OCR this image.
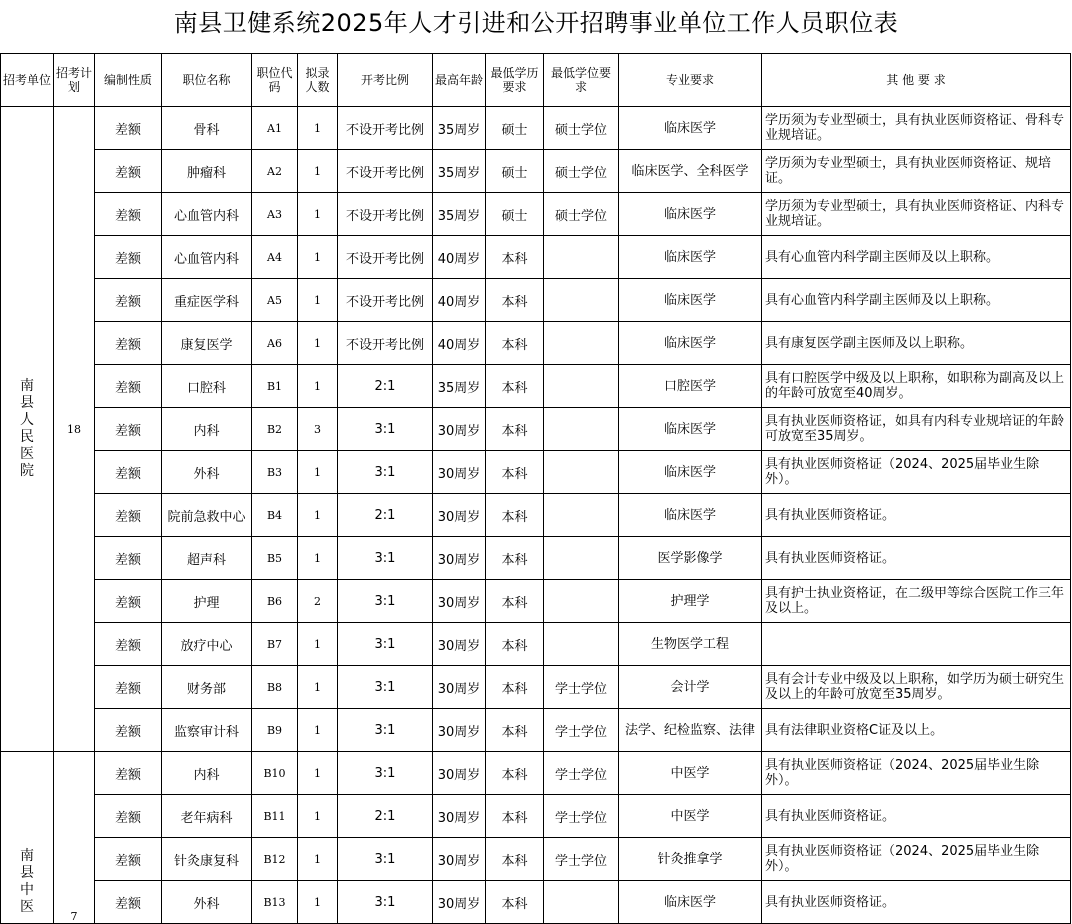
南县卫健系统2025年人才引进和公开招聘事业单位工作人员职位表
招考单位	招考计划	编制性质	职位名称	职位代码	拟录人数	开考比例	最高年龄	最低学历要求	最低学位要求	专业要求	其 他 要 求
南县人民医院	18	差额	骨科	A1	1	不设开考比例	35周岁	硕士	硕士学位	临床医学	学历须为专业型硕士，具有执业医师资格证、骨科专业规培证。
		差额	肿瘤科	A2	1	不设开考比例	35周岁	硕士	硕士学位	临床医学、全科医学	学历须为专业型硕士，具有执业医师资格证、规培证。
		差额	心血管内科	A3	1	不设开考比例	35周岁	硕士	硕士学位	临床医学	学历须为专业型硕士，具有执业医师资格证、内科专业规培证。
		差额	心血管内科	A4	1	不设开考比例	40周岁	本科		临床医学	具有心血管内科学副主医师及以上职称。
		差额	重症医学科	A5	1	不设开考比例	40周岁	本科		临床医学	具有心血管内科学副主医师及以上职称。
		差额	康复医学	A6	1	不设开考比例	40周岁	本科		临床医学	具有康复医学副主医师及以上职称。
		差额	口腔科	B1	1	2:1	35周岁	本科		口腔医学	具有口腔医学中级及以上职称，如职称为副高及以上的年龄可放宽至40周岁。
		差额	内科	B2	3	3:1	30周岁	本科		临床医学	具有执业医师资格证，如具有内科专业规培证的年龄可放宽至35周岁。
		差额	外科	B3	1	3:1	30周岁	本科		临床医学	具有执业医师资格证（2024、2025届毕业生除外）。
		差额	院前急救中心	B4	1	2:1	30周岁	本科		临床医学	具有执业医师资格证。
		差额	超声科	B5	1	3:1	30周岁	本科		医学影像学	具有执业医师资格证。
		差额	护理	B6	2	3:1	30周岁	本科		护理学	具有护士执业资格证，在二级甲等综合医院工作三年及以上。
		差额	放疗中心	B7	1	3:1	30周岁	本科		生物医学工程	
		差额	财务部	B8	1	3:1	30周岁	本科	学士学位	会计学	具有会计专业中级及以上职称，如学历为硕士研究生及以上的年龄可放宽至35周岁。
		差额	监察审计科	B9	1	3:1	30周岁	本科	学士学位	法学、纪检监察、法律	具有法律职业资格C证及以上。
南县中医	7	差额	内科	B10	1	3:1	30周岁	本科	学士学位	中医学	具有执业医师资格证（2024、2025届毕业生除外）。
		差额	老年病科	B11	1	2:1	30周岁	本科	学士学位	中医学	具有执业医师资格证。
		差额	针灸康复科	B12	1	3:1	30周岁	本科	学士学位	针灸推拿学	具有执业医师资格证（2024、2025届毕业生除外）。
		差额	外科	B13	1	3:1	30周岁	本科		临床医学	具有执业医师资格证。
